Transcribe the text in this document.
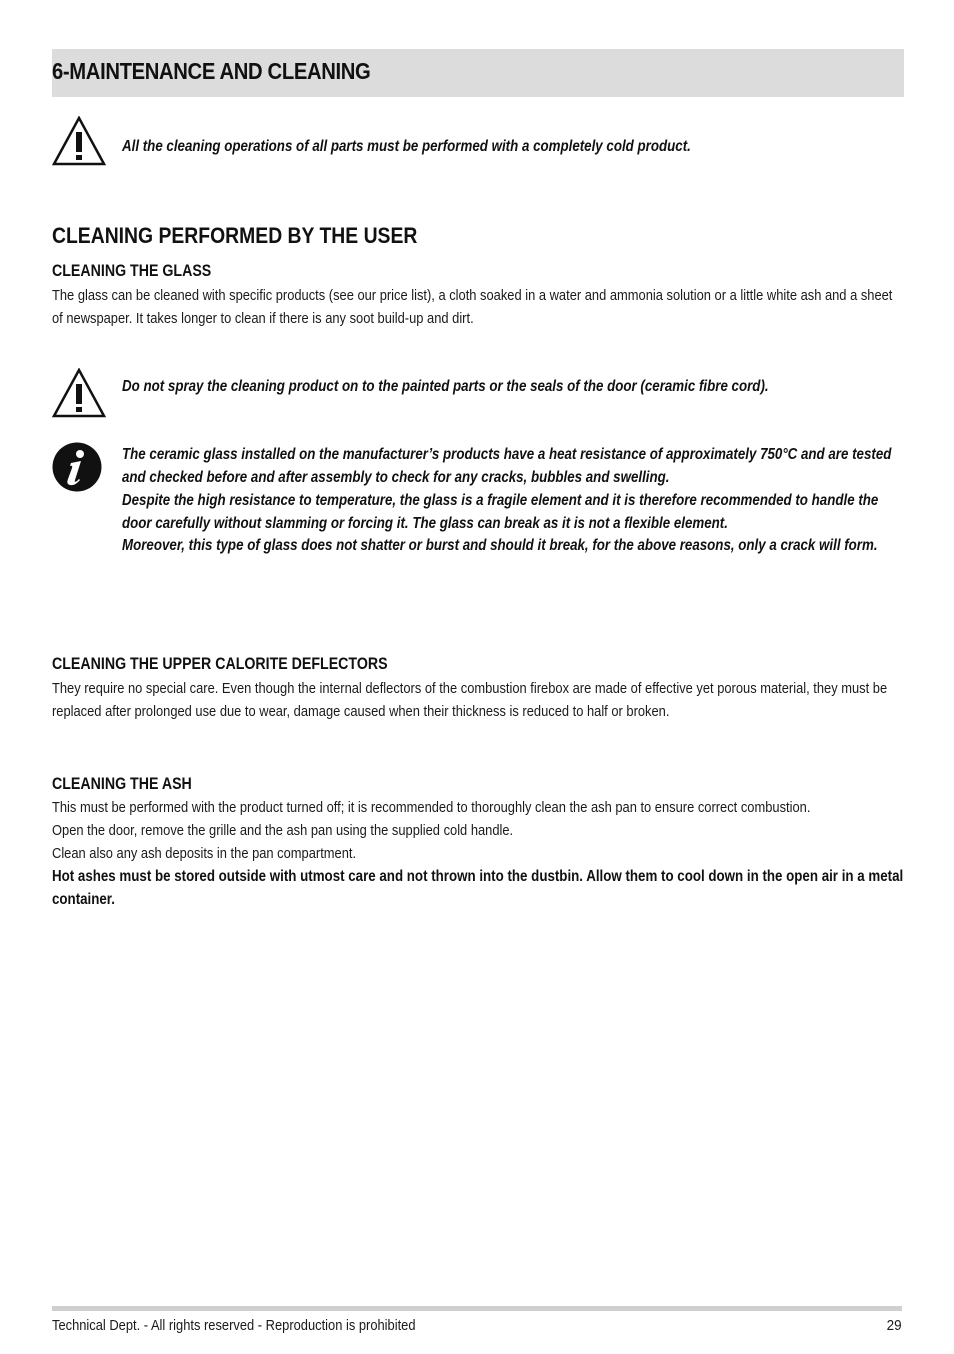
6-MAINTENANCE AND CLEANING
All the cleaning operations of all parts must be performed with a completely cold product.
CLEANING PERFORMED BY THE USER
CLEANING THE GLASS

The glass can be cleaned with specific products (see our price list), a cloth soaked in a water and ammonia solution or a little white ash and a sheet of newspaper. It takes longer to clean if there is any soot build-up and dirt.

Do not spray the cleaning product on to the painted parts or the seals of the door (ceramic fibre cord).

The ceramic glass installed on the manufacturer’s products have a heat resistance of approximately 750°C and are tested and checked before and after assembly to check for any cracks, bubbles and swelling.

Despite the high resistance to temperature, the glass is a fragile element and it is therefore recommended to handle the door carefully without slamming or forcing it. The glass can break as it is not a flexible element.

Moreover, this type of glass does not shatter or burst and should it break, for the above reasons, only a crack will form.

CLEANING THE UPPER CALORITE DEFLECTORS

They require no special care. Even though the internal deflectors of the combustion firebox are made of effective yet porous material, they must be replaced after prolonged use due to wear, damage caused when their thickness is reduced to half or broken.

CLEANING THE ASH

This must be performed with the product turned off; it is recommended to thoroughly clean the ash pan to ensure correct combustion.

Open the door, remove the grille and the ash pan using the supplied cold handle.

Clean also any ash deposits in the pan compartment.

Hot ashes must be stored outside with utmost care and not thrown into the dustbin. Allow them to cool down in the open air in a metal container.

Technical Dept. - All rights reserved - Reproduction is prohibited	29
